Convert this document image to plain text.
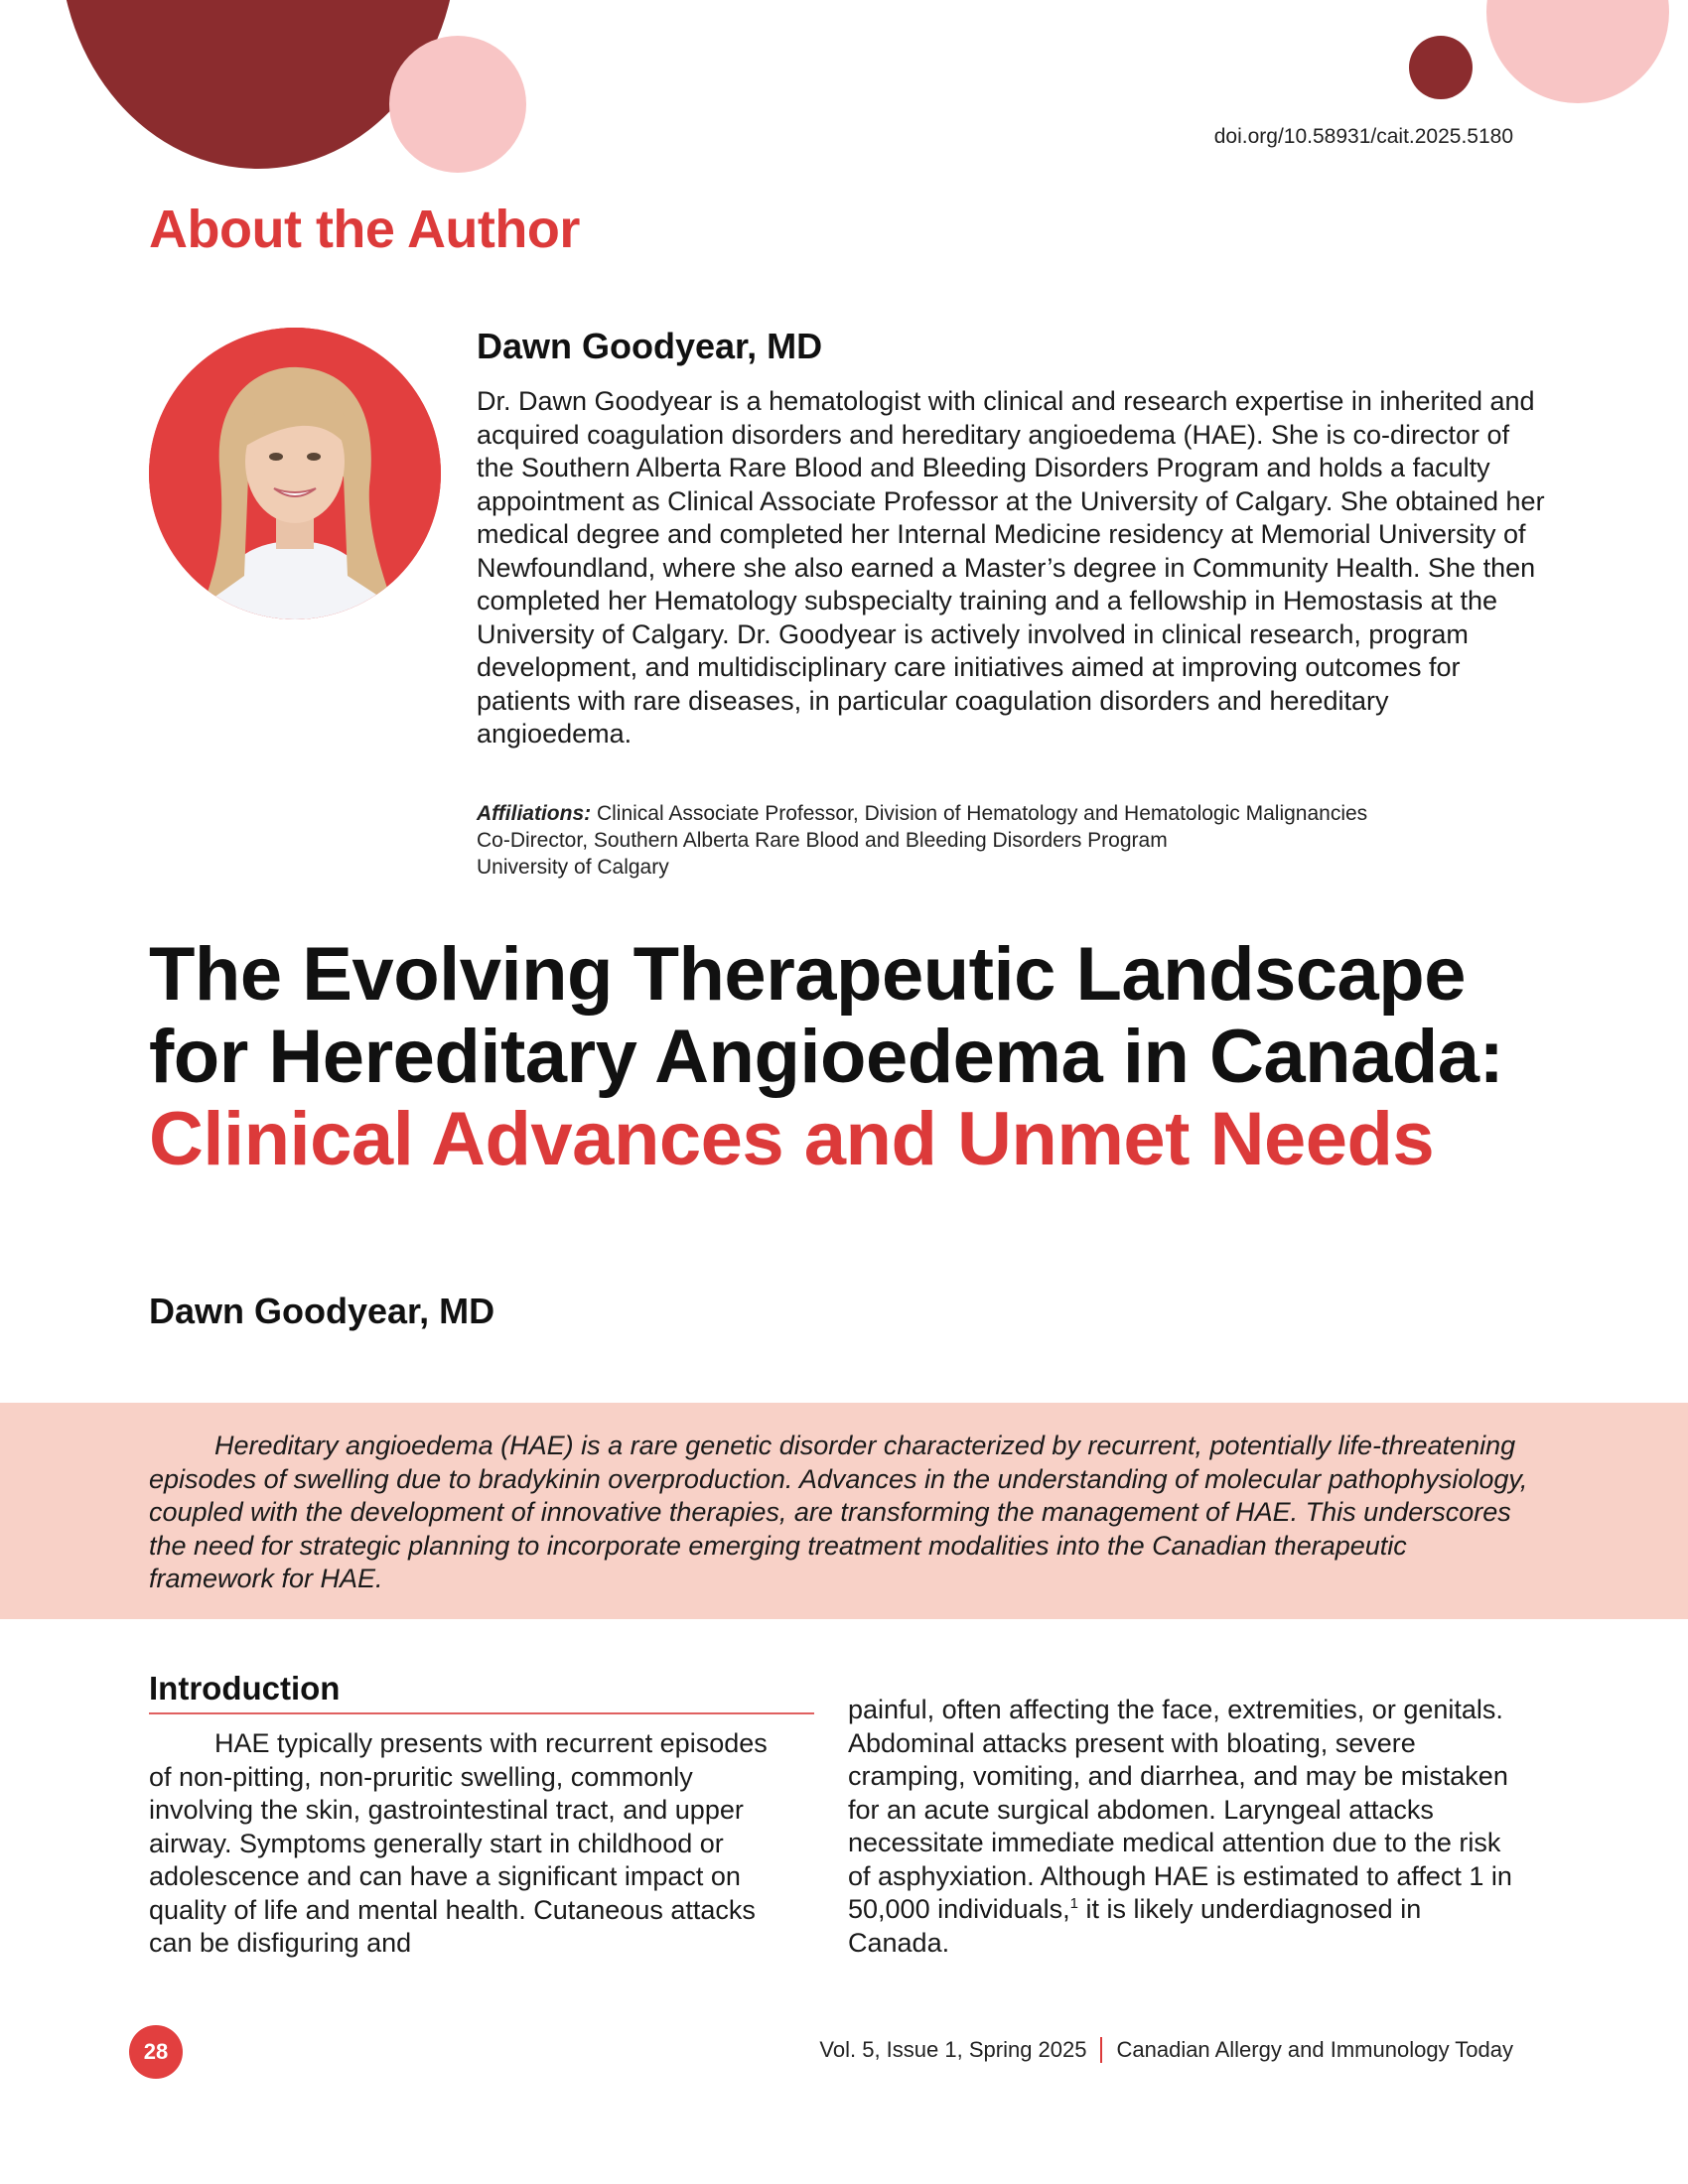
doi.org/10.58931/cait.2025.5180
About the Author
Dawn Goodyear, MD

Dr. Dawn Goodyear is a hematologist with clinical and research expertise in inherited and acquired coagulation disorders and hereditary angioedema (HAE). She is co-director of the Southern Alberta Rare Blood and Bleeding Disorders Program and holds a faculty appointment as Clinical Associate Professor at the University of Calgary. She obtained her medical degree and completed her Internal Medicine residency at Memorial University of Newfoundland, where she also earned a Master’s degree in Community Health. She then completed her Hematology subspecialty training and a fellowship in Hemostasis at the University of Calgary. Dr. Goodyear is actively involved in clinical research, program development, and multidisciplinary care initiatives aimed at improving outcomes for patients with rare diseases, in particular coagulation disorders and hereditary angioedema.

Affiliations: Clinical Associate Professor, Division of Hematology and Hematologic Malignancies
Co-Director, Southern Alberta Rare Blood and Bleeding Disorders Program
University of Calgary
The Evolving Therapeutic Landscape for Hereditary Angioedema in Canada: Clinical Advances and Unmet Needs
Dawn Goodyear, MD

Hereditary angioedema (HAE) is a rare genetic disorder characterized by recurrent, potentially life-threatening episodes of swelling due to bradykinin overproduction. Advances in the understanding of molecular pathophysiology, coupled with the development of innovative therapies, are transforming the management of HAE. This underscores the need for strategic planning to incorporate emerging treatment modalities into the Canadian therapeutic framework for HAE.

Introduction

HAE typically presents with recurrent episodes of non-pitting, non-pruritic swelling, commonly involving the skin, gastrointestinal tract, and upper airway. Symptoms generally start in childhood or adolescence and can have a significant impact on quality of life and mental health. Cutaneous attacks can be disfiguring and

painful, often affecting the face, extremities, or genitals. Abdominal attacks present with bloating, severe cramping, vomiting, and diarrhea, and may be mistaken for an acute surgical abdomen. Laryngeal attacks necessitate immediate medical attention due to the risk of asphyxiation. Although HAE is estimated to affect 1 in 50,000 individuals,$^1$ it is likely underdiagnosed in Canada.

28	Vol. 5, Issue 1, Spring 2025 Canadian Allergy and Immunology Today
